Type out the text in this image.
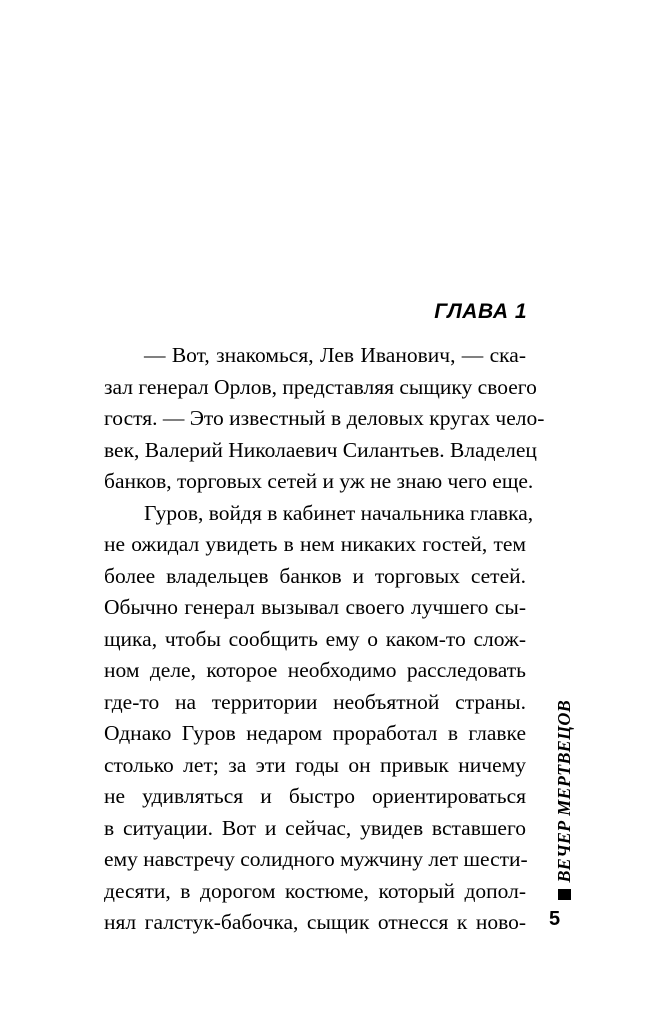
ГЛАВА 1
— Вот, знакомься, Лев Иванович, — ска-
зал генерал Орлов, представляя сыщику своего
гостя. — Это известный в деловых кругах чело-
век, Валерий Николаевич Силантьев. Владелец
банков, торговых сетей и уж не знаю чего еще.
Гуров, войдя в кабинет начальника главка,
не ожидал увидеть в нем никаких гостей, тем
более владельцев банков и торговых сетей.
Обычно генерал вызывал своего лучшего сы-
щика, чтобы сообщить ему о каком-то слож-
ном деле, которое необходимо расследовать
где-то на территории необъятной страны.
Однако Гуров недаром проработал в главке
столько лет; за эти годы он привык ничему
не удивляться и быстро ориентироваться
в ситуации. Вот и сейчас, увидев вставшего
ему навстречу солидного мужчину лет шести-
десяти, в дорогом костюме, который допол-
нял галстук-бабочка, сыщик отнесся к ново-
ВЕЧЕР МЕРТВЕЦОВ
5
